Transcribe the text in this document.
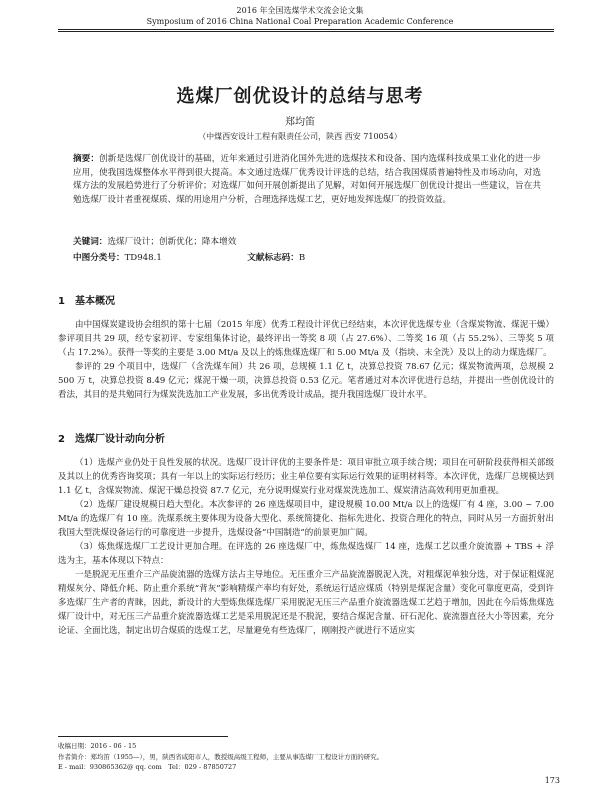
2016 年全国选煤学术交流会论文集
Symposium of 2016 China National Coal Preparation Academic Conference
选煤厂创优设计的总结与思考
郑均笛
（中煤西安设计工程有限责任公司，陕西 西安 710054）
摘要：创新是选煤厂创优设计的基础，近年来通过引进消化国外先进的选煤技术和设备、国内选煤科技成果工业化的进一步应用，使我国选煤整体水平得到很大提高。本文通过选煤厂优秀设计评选的总结，结合我国煤质普遍特性及市场动向，对选煤方法的发展趋势进行了分析评价；对选煤厂如何开展创新提出了见解，对如何开展选煤厂创优设计提出一些建议，旨在共勉选煤厂设计者重视煤质、煤的用途用户分析，合理选择选煤工艺，更好地发挥选煤厂的投资效益。
关键词：选煤厂设计；创新优化；降本增效
中图分类号：TD948.1	文献标志码：B
1　基本概况

由中国煤炭建设协会组织的第十七届（2015 年度）优秀工程设计评优已经结束，本次评优选煤专业（含煤炭物流、煤泥干燥）参评项目共 29 项，经专家初评、专家组集体讨论，最终评出一等奖 8 项（占 27.6%）、二等奖 16 项（占 55.2%）、三等奖 5 项（占 17.2%）。获得一等奖的主要是 3.00 Mt/a 及以上的炼焦煤选煤厂和 5.00 Mt/a 及（指块、末全洗）及以上的动力煤选煤厂。

参评的 29 个项目中，选煤厂（含洗煤车间）共 26 项，总规模 1.1 亿 t，决算总投资 78.67 亿元；煤炭物流两项，总规模 2 500 万 t，决算总投资 8.49 亿元；煤泥干燥一项，决算总投资 0.53 亿元。笔者通过对本次评优进行总结，并提出一些创优设计的看法，其目的是共勉同行为煤炭洗选加工产业发展，多出优秀设计成品，提升我国选煤厂设计水平。

2　选煤厂设计动向分析

（1）选煤产业仍处于良性发展的状况。选煤厂设计评优的主要条件是：项目审批立项手续合规；项目在可研阶段获得相关部级及其以上的优秀咨询奖项；具有一年以上的实际运行经历；业主单位要有实际运行效果的证明材料等。本次评优，选煤厂总规模达到 1.1 亿 t，含煤炭物流、煤泥干燥总投资 87.7 亿元，充分说明煤炭行业对煤炭洗选加工、煤炭清洁高效利用更加重视。

（2）选煤厂建设规模日趋大型化。本次参评的 26 座选煤项目中，建设规模 10.00 Mt/a 以上的选煤厂有 4 座，3.00 ~ 7.00 Mt/a 的选煤厂有 10 座。洗煤系统主要体现为设备大型化、系统简捷化、指标先进化、投资合理化的特点，同时从另一方面折射出我国大型洗煤设备运行的可靠度进一步提升，选煤设备“中国制造”的前景更加广阔。

（3）炼焦煤选煤厂工艺设计更加合理。在评选的 26 座选煤厂中，炼焦煤选煤厂 14 座，选煤工艺以重介旋流器 + TBS + 浮选为主，基本体现以下特点：

一是脱泥无压重介三产品旋流器的选煤方法占主导地位。无压重介三产品旋流器脱泥入洗，对粗煤泥单独分选，对于保证粗煤泥精煤灰分、降低介耗、防止重介系统“背灰”影响精煤产率均有好处，系统运行适应煤质（特别是煤泥含量）变化可靠度更高，受到许多选煤厂生产者的青睐，因此，新设计的大型炼焦煤选煤厂采用脱泥无压三产品重介旋流器选煤工艺趋于增加，因此在今后炼焦煤选煤厂设计中，对无压三产品重介旋流器选煤工艺是采用脱泥还是不脱泥，要结合煤泥含量、矸石泥化、旋流器直径大小等因素，充分论证、全面比选，制定出切合煤质的选煤工艺，尽量避免有些选煤厂，刚刚投产就进行不适应实

收稿日期：2016 - 06 - 15
作者简介：郑均笛（1955—），男，陕西省咸阳市人，教授级高级工程师，主要从事选煤厂工程设计方面的研究。
E - mail：930865362@ qq. com　Tel：029 - 87850727
173
